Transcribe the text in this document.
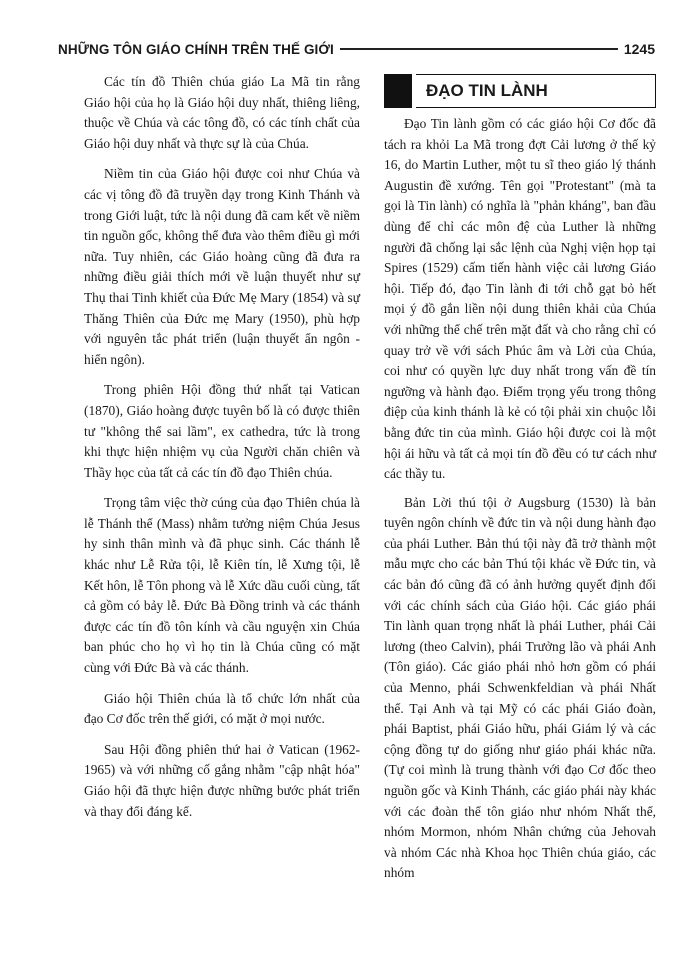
NHỮNG TÔN GIÁO CHÍNH TRÊN THẾ GIỚI	1245

Các tín đồ Thiên chúa giáo La Mã tin rằng Giáo hội của họ là Giáo hội duy nhất, thiêng liêng, thuộc về Chúa và các tông đồ, có các tính chất của Giáo hội duy nhất và thực sự là của Chúa.

Niềm tin của Giáo hội được coi như Chúa và các vị tông đồ đã truyền dạy trong Kinh Thánh và trong Giới luật, tức là nội dung đã cam kết về niềm tin nguồn gốc, không thể đưa vào thêm điều gì mới nữa. Tuy nhiên, các Giáo hoàng cũng đã đưa ra những điều giải thích mới về luận thuyết như sự Thụ thai Tinh khiết của Đức Mẹ Mary (1854) và sự Thăng Thiên của Đức mẹ Mary (1950), phù hợp với nguyên tắc phát triển (luận thuyết ẩn ngôn - hiển ngôn).

Trong phiên Hội đồng thứ nhất tại Vatican (1870), Giáo hoàng được tuyên bố là có được thiên tư "không thể sai lầm", ex cathedra, tức là trong khi thực hiện nhiệm vụ của Người chăn chiên và Thầy học của tất cả các tín đồ đạo Thiên chúa.

Trọng tâm việc thờ cúng của đạo Thiên chúa là lễ Thánh thể (Mass) nhằm tưởng niệm Chúa Jesus hy sinh thân mình và đã phục sinh. Các thánh lễ khác như Lễ Rửa tội, lễ Kiên tín, lễ Xưng tội, lễ Kết hôn, lễ Tôn phong và lễ Xức dầu cuối cùng, tất cả gồm có bảy lễ. Đức Bà Đồng trinh và các thánh được các tín đồ tôn kính và cầu nguyện xin Chúa ban phúc cho họ vì họ tin là Chúa cũng có mặt cùng với Đức Bà và các thánh.

Giáo hội Thiên chúa là tổ chức lớn nhất của đạo Cơ đốc trên thế giới, có mặt ở mọi nước.

Sau Hội đồng phiên thứ hai ở Vatican (1962-1965) và với những cố gắng nhằm "cập nhật hóa" Giáo hội đã thực hiện được những bước phát triển và thay đổi đáng kể.

ĐẠO TIN LÀNH

Đạo Tin lành gồm có các giáo hội Cơ đốc đã tách ra khỏi La Mã trong đợt Cải lương ở thế kỷ 16, do Martin Luther, một tu sĩ theo giáo lý thánh Augustin đề xướng. Tên gọi "Protestant" (mà ta gọi là Tin lành) có nghĩa là "phản kháng", ban đầu dùng để chỉ các môn đệ của Luther là những người đã chống lại sắc lệnh của Nghị viện họp tại Spires (1529) cấm tiến hành việc cải lương Giáo hội. Tiếp đó, đạo Tin lành đi tới chỗ gạt bỏ hết mọi ý đồ gắn liền nội dung thiên khải của Chúa với những thể chế trên mặt đất và cho rằng chỉ có quay trở về với sách Phúc âm và Lời của Chúa, coi như có quyền lực duy nhất trong vấn đề tín ngưỡng và hành đạo. Điểm trọng yếu trong thông điệp của kinh thánh là kẻ có tội phải xin chuộc lỗi bằng đức tin của mình. Giáo hội được coi là một hội ái hữu và tất cả mọi tín đồ đều có tư cách như các thầy tu.

Bản Lời thú tội ở Augsburg (1530) là bản tuyên ngôn chính về đức tin và nội dung hành đạo của phái Luther. Bản thú tội này đã trở thành một mẫu mực cho các bản Thú tội khác về Đức tin, và các bản đó cũng đã có ảnh hưởng quyết định đối với các chính sách của Giáo hội. Các giáo phái Tin lành quan trọng nhất là phái Luther, phái Cải lương (theo Calvin), phái Trưởng lão và phái Anh (Tôn giáo). Các giáo phái nhỏ hơn gồm có phái của Menno, phái Schwenkfeldian và phái Nhất thể. Tại Anh và tại Mỹ có các phái Giáo đoàn, phái Baptist, phái Giáo hữu, phái Giám lý và các cộng đồng tự do giống như giáo phái khác nữa. (Tự coi mình là trung thành với đạo Cơ đốc theo nguồn gốc và Kinh Thánh, các giáo phái này khác với các đoàn thể tôn giáo như nhóm Nhất thể, nhóm Mormon, nhóm Nhân chứng của Jehovah và nhóm Các nhà Khoa học Thiên chúa giáo, các nhóm
